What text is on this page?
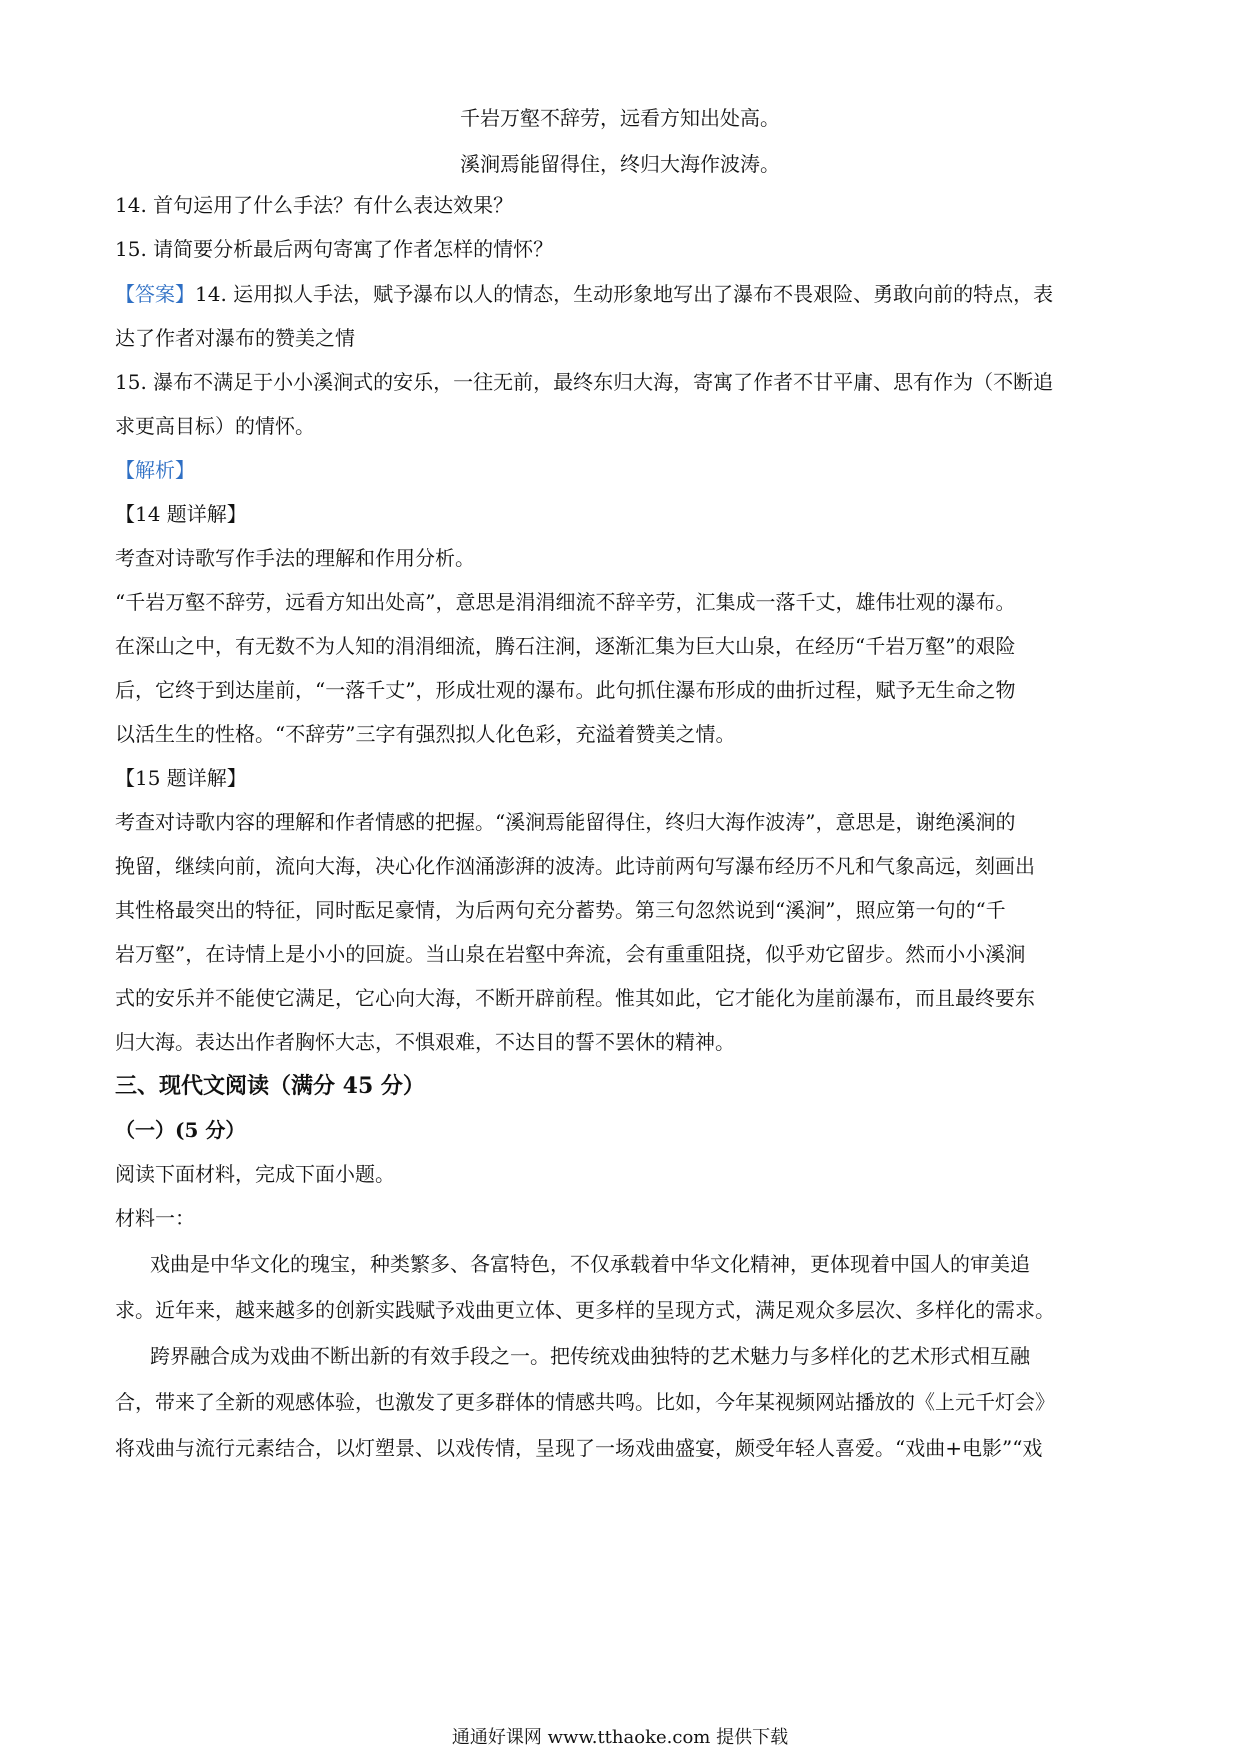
千岩万壑不辞劳，远看方知出处高。
溪涧焉能留得住，终归大海作波涛。
14. 首句运用了什么手法？有什么表达效果？
15. 请简要分析最后两句寄寓了作者怎样的情怀？
【答案】14. 运用拟人手法，赋予瀑布以人的情态，生动形象地写出了瀑布不畏艰险、勇敢向前的特点，表
达了作者对瀑布的赞美之情
15. 瀑布不满足于小小溪涧式的安乐，一往无前，最终东归大海，寄寓了作者不甘平庸、思有作为（不断追
求更高目标）的情怀。
【解析】
【14 题详解】
考查对诗歌写作手法的理解和作用分析。
“千岩万壑不辞劳，远看方知出处高”，意思是涓涓细流不辞辛劳，汇集成一落千丈，雄伟壮观的瀑布。
在深山之中，有无数不为人知的涓涓细流，腾石注涧，逐渐汇集为巨大山泉，在经历“千岩万壑”的艰险
后，它终于到达崖前，“一落千丈”，形成壮观的瀑布。此句抓住瀑布形成的曲折过程，赋予无生命之物
以活生生的性格。“不辞劳”三字有强烈拟人化色彩，充溢着赞美之情。
【15 题详解】
考查对诗歌内容的理解和作者情感的把握。“溪涧焉能留得住，终归大海作波涛”，意思是，谢绝溪涧的
挽留，继续向前，流向大海，决心化作汹涌澎湃的波涛。此诗前两句写瀑布经历不凡和气象高远，刻画出
其性格最突出的特征，同时酝足豪情，为后两句充分蓄势。第三句忽然说到“溪涧”，照应第一句的“千
岩万壑”，在诗情上是小小的回旋。当山泉在岩壑中奔流，会有重重阻挠，似乎劝它留步。然而小小溪涧
式的安乐并不能使它满足，它心向大海，不断开辟前程。惟其如此，它才能化为崖前瀑布，而且最终要东
归大海。表达出作者胸怀大志，不惧艰难，不达目的誓不罢休的精神。
三、现代文阅读（满分 45 分）
（一）(5 分）
阅读下面材料，完成下面小题。
材料一：
戏曲是中华文化的瑰宝，种类繁多、各富特色，不仅承载着中华文化精神，更体现着中国人的审美追
求。近年来，越来越多的创新实践赋予戏曲更立体、更多样的呈现方式，满足观众多层次、多样化的需求。
跨界融合成为戏曲不断出新的有效手段之一。把传统戏曲独特的艺术魅力与多样化的艺术形式相互融
合，带来了全新的观感体验，也激发了更多群体的情感共鸣。比如，今年某视频网站播放的《上元千灯会》
将戏曲与流行元素结合，以灯塑景、以戏传情，呈现了一场戏曲盛宴，颇受年轻人喜爱。“戏曲+电影”“戏
通通好课网 www.tthaoke.com 提供下载
